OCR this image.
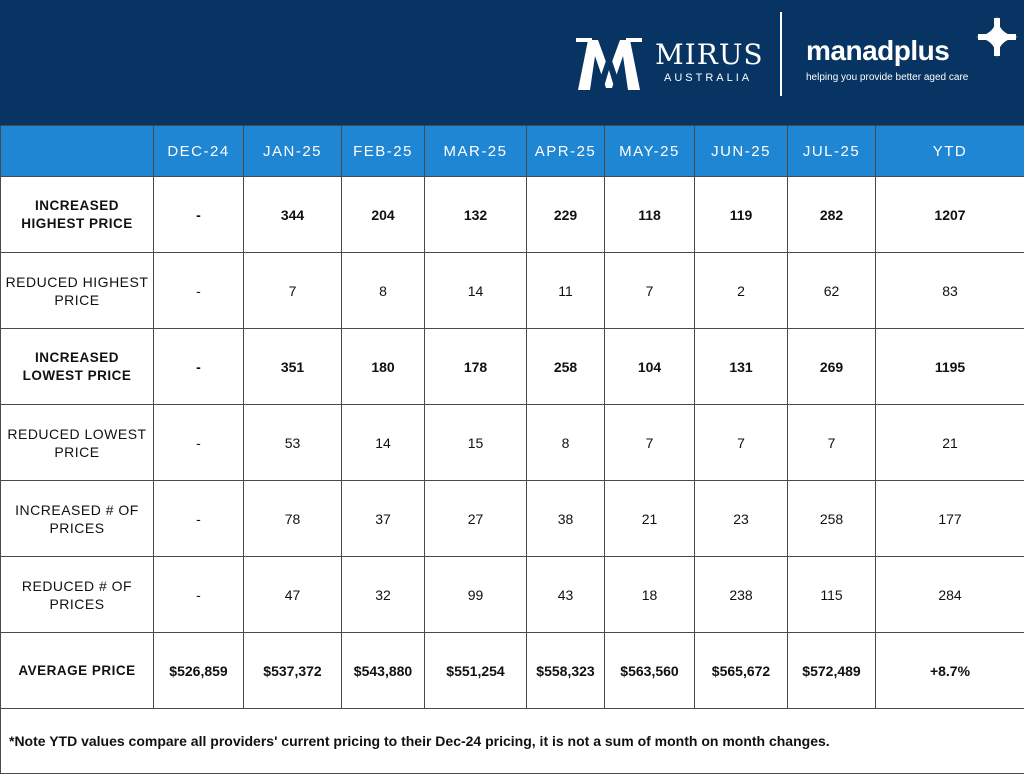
MIRUS
AUSTRALIA
manadplus
helping you provide better aged care
	DEC-24	JAN-25	FEB-25	MAR-25	APR-25	MAY-25	JUN-25	JUL-25	YTD
INCREASED HIGHEST PRICE	-	344	204	132	229	118	119	282	1207
REDUCED HIGHEST PRICE	-	7	8	14	11	7	2	62	83
INCREASED LOWEST PRICE	-	351	180	178	258	104	131	269	1195
REDUCED LOWEST PRICE	-	53	14	15	8	7	7	7	21
INCREASED # OF PRICES	-	78	37	27	38	21	23	258	177
REDUCED # OF PRICES	-	47	32	99	43	18	238	115	284
AVERAGE PRICE	$526,859	$537,372	$543,880	$551,254	$558,323	$563,560	$565,672	$572,489	+8.7%
*Note YTD values compare all providers' current pricing to their Dec-24 pricing, it is not a sum of month on month changes.									
